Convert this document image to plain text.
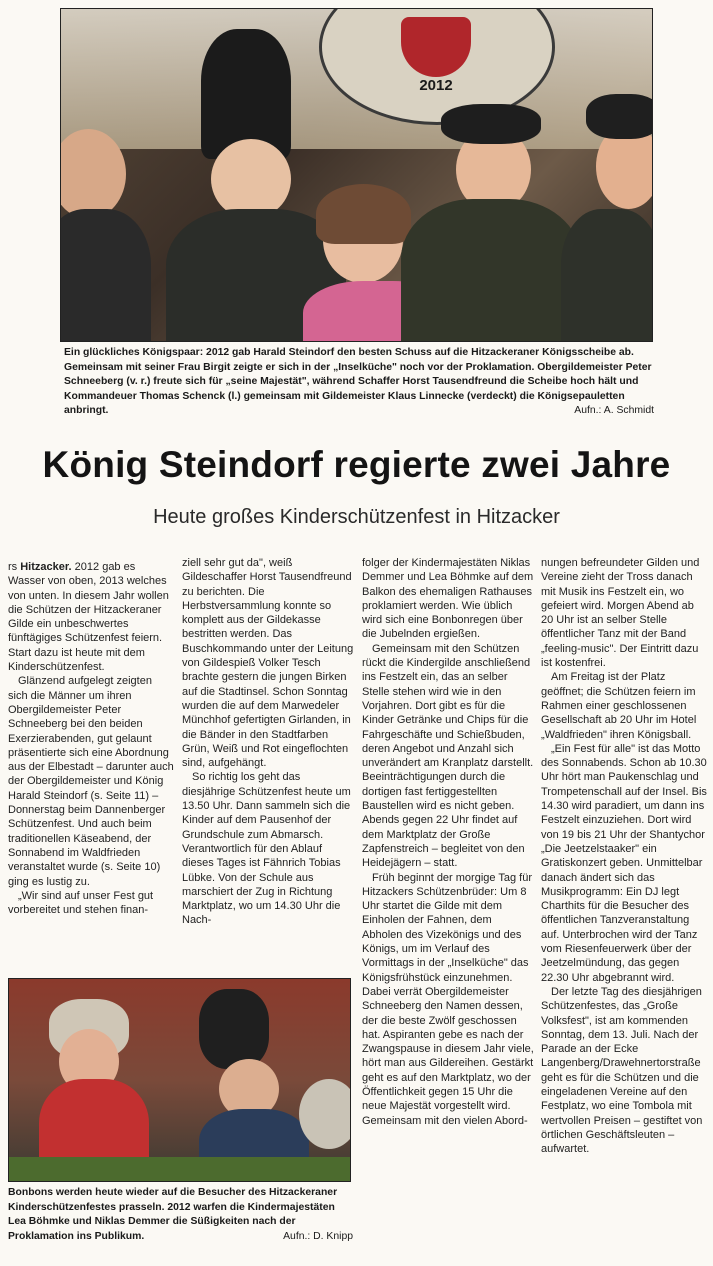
2012
Ein glückliches Königspaar: 2012 gab Harald Steindorf den besten Schuss auf die Hitzackeraner Königsscheibe ab. Gemeinsam mit seiner Frau Birgit zeigte er sich in der „Inselküche" noch vor der Proklamation. Obergildemeister Peter Schneeberg (v. r.) freute sich für „seine Majestät", während Schaffer Horst Tausendfreund die Scheibe hoch hält und Kommandeuer Thomas Schenck (l.) gemeinsam mit Gildemeister Klaus Linnecke (verdeckt) die Königsepauletten anbringt.	Aufn.: A. Schmidt
König Steindorf regierte zwei Jahre
Heute großes Kinderschützenfest in Hitzacker

rs Hitzacker. 2012 gab es Wasser von oben, 2013 welches von unten. In diesem Jahr wollen die Schützen der Hitzackeraner Gilde ein unbeschwertes fünftägiges Schützenfest feiern. Start dazu ist heute mit dem Kinderschützenfest.

Glänzend aufgelegt zeigten sich die Männer um ihren Obergildemeister Peter Schneeberg bei den beiden Exerzierabenden, gut gelaunt präsentierte sich eine Abordnung aus der Elbestadt – darunter auch der Obergildemeister und König Harald Steindorf (s. Seite 11) – Donnerstag beim Dannenberger Schützenfest. Und auch beim traditionellen Käseabend, der Sonnabend im Waldfrieden veranstaltet wurde (s. Seite 10) ging es lustig zu.

„Wir sind auf unser Fest gut vorbereitet und stehen finan-

ziell sehr gut da", weiß Gildeschaffer Horst Tausendfreund zu berichten. Die Herbstversammlung konnte so komplett aus der Gildekasse bestritten werden. Das Buschkommando unter der Leitung von Gildespieß Volker Tesch brachte gestern die jungen Birken auf die Stadtinsel. Schon Sonntag wurden die auf dem Marwedeler Münchhof gefertigten Girlanden, in die Bänder in den Stadtfarben Grün, Weiß und Rot eingeflochten sind, aufgehängt.

So richtig los geht das diesjährige Schützenfest heute um 13.50 Uhr. Dann sammeln sich die Kinder auf dem Pausenhof der Grundschule zum Abmarsch. Verantwortlich für den Ablauf dieses Tages ist Fähnrich Tobias Lübke. Von der Schule aus marschiert der Zug in Richtung Marktplatz, wo um 14.30 Uhr die Nach-

folger der Kindermajestäten Niklas Demmer und Lea Böhmke auf dem Balkon des ehemaligen Rathauses proklamiert werden. Wie üblich wird sich eine Bonbonregen über die Jubelnden ergießen.

Gemeinsam mit den Schützen rückt die Kindergilde anschließend ins Festzelt ein, das an selber Stelle stehen wird wie in den Vorjahren. Dort gibt es für die Kinder Getränke und Chips für die Fahrgeschäfte und Schießbuden, deren Angebot und Anzahl sich unverändert am Kranplatz darstellt. Beeinträchtigungen durch die dortigen fast fertiggestellten Baustellen wird es nicht geben. Abends gegen 22 Uhr findet auf dem Marktplatz der Große Zapfenstreich – begleitet von den Heidejägern – statt.

Früh beginnt der morgige Tag für Hitzackers Schützenbrüder: Um 8 Uhr startet die Gilde mit dem Einholen der Fahnen, dem Abholen des Vizekönigs und des Königs, um im Verlauf des Vormittags in der „Inselküche" das Königsfrühstück einzunehmen. Dabei verrät Obergildemeister Schneeberg den Namen dessen, der die beste Zwölf geschossen hat. Aspiranten gebe es nach der Zwangspause in diesem Jahr viele, hört man aus Gildereihen. Gestärkt geht es auf den Marktplatz, wo der Öffentlichkeit gegen 15 Uhr die neue Majestät vorgestellt wird. Gemeinsam mit den vielen Abord-

nungen befreundeter Gilden und Vereine zieht der Tross danach mit Musik ins Festzelt ein, wo gefeiert wird. Morgen Abend ab 20 Uhr ist an selber Stelle öffentlicher Tanz mit der Band „feeling-music". Der Eintritt dazu ist kostenfrei.

Am Freitag ist der Platz geöffnet; die Schützen feiern im Rahmen einer geschlossenen Gesellschaft ab 20 Uhr im Hotel „Waldfrieden" ihren Königsball.

„Ein Fest für alle" ist das Motto des Sonnabends. Schon ab 10.30 Uhr hört man Paukenschlag und Trompetenschall auf der Insel. Bis 14.30 wird paradiert, um dann ins Festzelt einzuziehen. Dort wird von 19 bis 21 Uhr der Shantychor „Die Jeetzelstaaker" ein Gratiskonzert geben. Unmittelbar danach ändert sich das Musikprogramm: Ein DJ legt Charthits für die Besucher des öffentlichen Tanzveranstaltung auf. Unterbrochen wird der Tanz vom Riesenfeuerwerk über der Jeetzelmündung, das gegen 22.30 Uhr abgebrannt wird.

Der letzte Tag des diesjährigen Schützenfestes, das „Große Volksfest", ist am kommenden Sonntag, dem 13. Juli. Nach der Parade an der Ecke Langenberg/Drawehnertorstraße geht es für die Schützen und die eingeladenen Vereine auf den Festplatz, wo eine Tombola mit wertvollen Preisen – gestiftet von örtlichen Geschäftsleuten – aufwartet.

Bonbons werden heute wieder auf die Besucher des Hitzackeraner Kinderschützenfestes prasseln. 2012 warfen die Kindermajestäten Lea Böhmke und Niklas Demmer die Süßigkeiten nach der Proklamation ins Publikum.	Aufn.: D. Knipp
